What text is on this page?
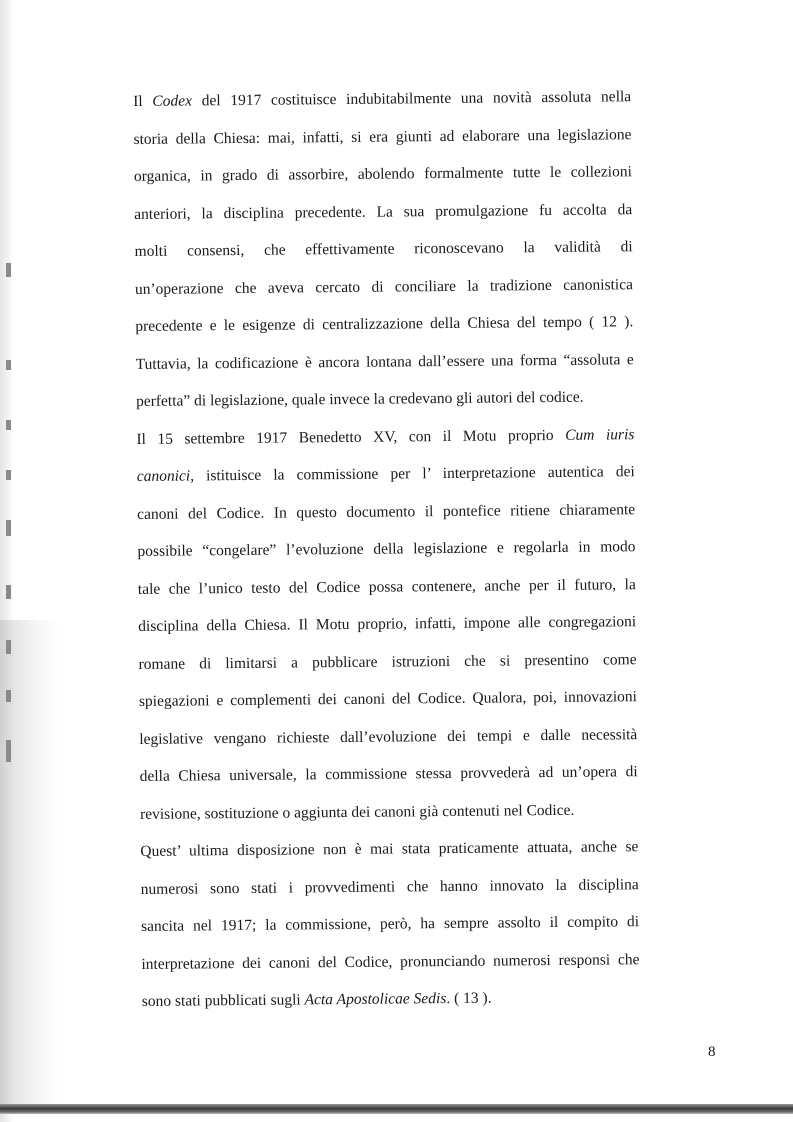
Il Codex del 1917 costituisce indubitabilmente una novità assoluta nella
storia della Chiesa: mai, infatti, si era giunti ad elaborare una legislazione
organica, in grado di assorbire, abolendo formalmente tutte le collezioni
anteriori, la disciplina precedente. La sua promulgazione fu accolta da
molti consensi, che effettivamente riconoscevano la validità di
un’operazione che aveva cercato di conciliare la tradizione canonistica
precedente e le esigenze di centralizzazione della Chiesa del tempo ( 12 ).
Tuttavia, la codificazione è ancora lontana dall’essere una forma “assoluta e
perfetta” di legislazione, quale invece la credevano gli autori del codice.
Il 15 settembre 1917 Benedetto XV, con il Motu proprio Cum iuris
canonici, istituisce la commissione per l’ interpretazione autentica dei
canoni del Codice. In questo documento il pontefice ritiene chiaramente
possibile “congelare” l’evoluzione della legislazione e regolarla in modo
tale che l’unico testo del Codice possa contenere, anche per il futuro, la
disciplina della Chiesa. Il Motu proprio, infatti, impone alle congregazioni
romane di limitarsi a pubblicare istruzioni che si presentino come
spiegazioni e complementi dei canoni del Codice. Qualora, poi, innovazioni
legislative vengano richieste dall’evoluzione dei tempi e dalle necessità
della Chiesa universale, la commissione stessa provvederà ad un’opera di
revisione, sostituzione o aggiunta dei canoni già contenuti nel Codice.
Quest’ ultima disposizione non è mai stata praticamente attuata, anche se
numerosi sono stati i provvedimenti che hanno innovato la disciplina
sancita nel 1917; la commissione, però, ha sempre assolto il compito di
interpretazione dei canoni del Codice, pronunciando numerosi responsi che
sono stati pubblicati sugli Acta Apostolicae Sedis. ( 13 ).
8
